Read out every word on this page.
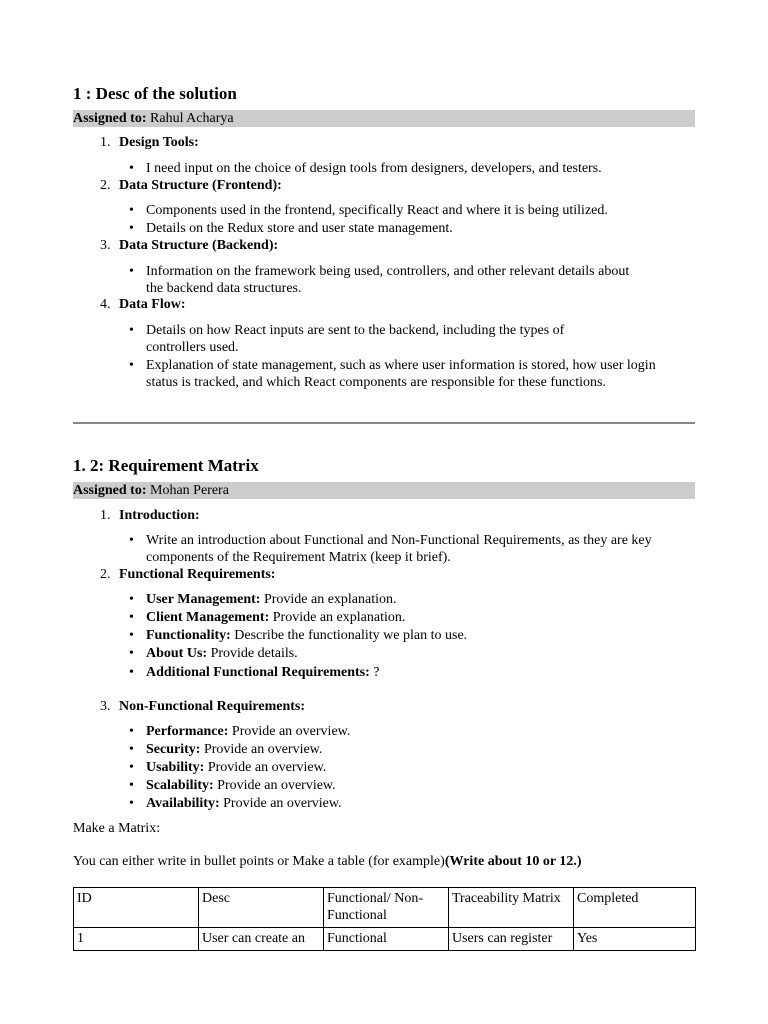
1 : Desc of the solution
Assigned to: Rahul Acharya
1. Design Tools:
• I need input on the choice of design tools from designers, developers, and testers.
2. Data Structure (Frontend):
• Components used in the frontend, specifically React and where it is being utilized.
• Details on the Redux store and user state management.
3. Data Structure (Backend):
• Information on the framework being used, controllers, and other relevant details about the backend data structures.
4. Data Flow:
• Details on how React inputs are sent to the backend, including the types of controllers used.
• Explanation of state management, such as where user information is stored, how user login status is tracked, and which React components are responsible for these functions.
1. 2: Requirement Matrix
Assigned to: Mohan Perera
1. Introduction:
• Write an introduction about Functional and Non-Functional Requirements, as they are key components of the Requirement Matrix (keep it brief).
2. Functional Requirements:
• User Management: Provide an explanation.
• Client Management: Provide an explanation.
• Functionality: Describe the functionality we plan to use.
• About Us: Provide details.
• Additional Functional Requirements: ?
3. Non-Functional Requirements:
• Performance: Provide an overview.
• Security: Provide an overview.
• Usability: Provide an overview.
• Scalability: Provide an overview.
• Availability: Provide an overview.
Make a Matrix:
You can either write in bullet points or Make a table (for example)(Write about 10 or 12.)
ID	Desc	Functional/ Non-Functional	Traceability Matrix	Completed
1	User can create an	Functional	Users can register	Yes
